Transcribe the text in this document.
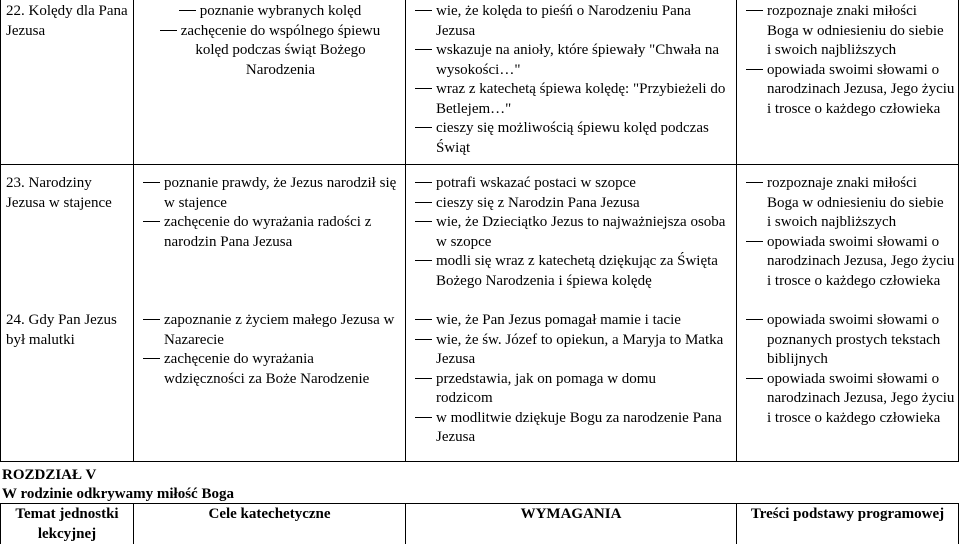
22. Kolędy dla Pana Jezusa
poznanie wybranych kolęd
zachęcenie do wspólnego śpiewu kolęd podczas świąt Bożego Narodzenia
wie, że kolęda to pieśń o Narodzeniu Pana Jezusa
wskazuje na anioły, które śpiewały "Chwała na wysokości…"
wraz z katechetą śpiewa kolędę: "Przybieżeli do Betlejem…"
cieszy się możliwością śpiewu kolęd podczas Świąt
rozpoznaje znaki miłości Boga w odniesieniu do siebie i swoich najbliższych
opowiada swoimi słowami o narodzinach Jezusa, Jego życiu i trosce o każdego człowieka
23. Narodziny Jezusa w stajence
poznanie prawdy, że Jezus narodził się w stajence
zachęcenie do wyrażania radości z narodzin Pana Jezusa
potrafi wskazać postaci w szopce
cieszy się z Narodzin Pana Jezusa
wie, że Dzieciątko Jezus to najważniejsza osoba w szopce
modli się wraz z katechetą dziękując za Święta Bożego Narodzenia i śpiewa kolędę
rozpoznaje znaki miłości Boga w odniesieniu do siebie i swoich najbliższych
opowiada swoimi słowami o narodzinach Jezusa, Jego życiu i trosce o każdego człowieka
24. Gdy Pan Jezus był malutki
zapoznanie z życiem małego Jezusa w Nazarecie
zachęcenie do wyrażania wdzięczności za Boże Narodzenie
wie, że Pan Jezus pomagał mamie i tacie
wie, że św. Józef to opiekun, a Maryja to Matka Jezusa
przedstawia, jak on pomaga w domu rodzicom
w modlitwie dziękuje Bogu za narodzenie Pana Jezusa
opowiada swoimi słowami o poznanych prostych tekstach biblijnych
opowiada swoimi słowami o narodzinach Jezusa, Jego życiu i trosce o każdego człowieka
ROZDZIAŁ V
W rodzinie odkrywamy miłość Boga
Temat jednostki lekcyjnej
Cele katechetyczne	WYMAGANIA	Treści podstawy programowej
